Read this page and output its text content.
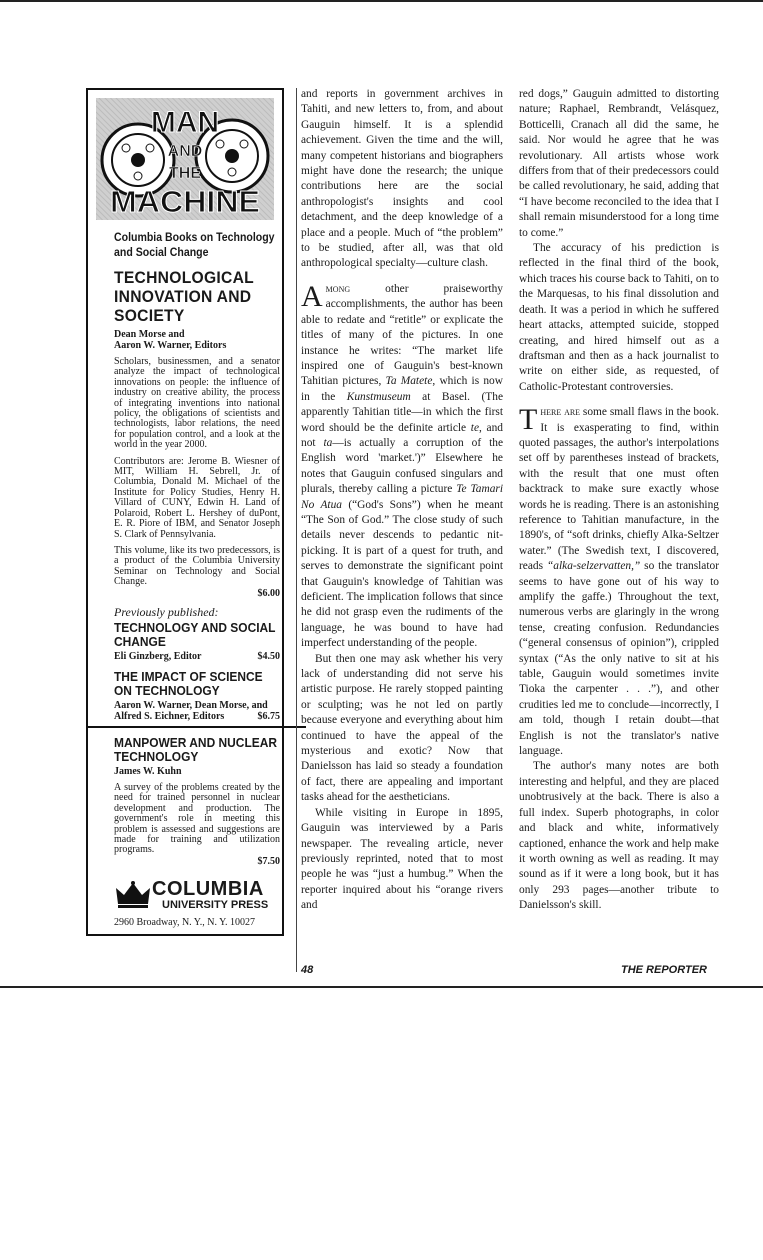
MAN
AND
THE
MACHINE
Columbia Books on Technology and Social Change
TECHNOLOGICAL INNOVATION AND SOCIETY
Dean Morse and
Aaron W. Warner, Editors

Scholars, businessmen, and a senator analyze the impact of technological innovations on people: the influence of industry on creative ability, the process of integrating inventions into national policy, the obligations of scientists and technologists, labor relations, the need for population control, and a look at the world in the year 2000.

Contributors are: Jerome B. Wiesner of MIT, William H. Sebrell, Jr. of Columbia, Donald M. Michael of the Institute for Policy Studies, Henry H. Villard of CUNY, Edwin H. Land of Polaroid, Robert L. Hershey of duPont, E. R. Piore of IBM, and Senator Joseph S. Clark of Pennsylvania.

This volume, like its two predecessors, is a product of the Columbia University Seminar on Technology and Social Change.

$6.00
Previously published:
TECHNOLOGY AND SOCIAL CHANGE
Eli Ginzberg, Editor	$4.50
THE IMPACT OF SCIENCE ON TECHNOLOGY
Aaron W. Warner, Dean Morse, and
Alfred S. Eichner, Editors	$6.75
MANPOWER AND NUCLEAR TECHNOLOGY
James W. Kuhn

A survey of the problems created by the need for trained personnel in nuclear development and production. The government's role in meeting this problem is assessed and suggestions are made for training and utilization programs.

$7.50
COLUMBIA
UNIVERSITY PRESS
2960 Broadway, N. Y., N. Y. 10027

and reports in government archives in Tahiti, and new letters to, from, and about Gauguin himself. It is a splendid achievement. Given the time and the will, many competent historians and biographers might have done the research; the unique contributions here are the social anthropologist's insights and cool detachment, and the deep knowledge of a place and a people. Much of “the problem” to be studied, after all, was that old anthropological specialty—culture clash.

Among other praiseworthy accomplishments, the author has been able to redate and “retitle” or explicate the titles of many of the pictures. In one instance he writes: “The market life inspired one of Gauguin's best-known Tahitian pictures, Ta Matete, which is now in the Kunstmuseum at Basel. (The apparently Tahitian title—in which the first word should be the definite article te, and not ta—is actually a corruption of the English word 'market.')” Elsewhere he notes that Gauguin confused singulars and plurals, thereby calling a picture Te Tamari No Atua (“God's Sons”) when he meant “The Son of God.” The close study of such details never descends to pedantic nit-picking. It is part of a quest for truth, and serves to demonstrate the significant point that Gauguin's knowledge of Tahitian was deficient. The implication follows that since he did not grasp even the rudiments of the language, he was bound to have had imperfect understanding of the people.

But then one may ask whether his very lack of understanding did not serve his artistic purpose. He rarely stopped painting or sculpting; was he not led on partly because everyone and everything about him continued to have the appeal of the mysterious and exotic? Now that Danielsson has laid so steady a foundation of fact, there are appealing and important tasks ahead for the aestheticians.

While visiting in Europe in 1895, Gauguin was interviewed by a Paris newspaper. The revealing article, never previously reprinted, noted that to most people he was “just a humbug.” When the reporter inquired about his “orange rivers and

red dogs,” Gauguin admitted to distorting nature; Raphael, Rembrandt, Velásquez, Botticelli, Cranach all did the same, he said. Nor would he agree that he was revolutionary. All artists whose work differs from that of their predecessors could be called revolutionary, he said, adding that “I have become reconciled to the idea that I shall remain misunderstood for a long time to come.”

The accuracy of his prediction is reflected in the final third of the book, which traces his course back to Tahiti, on to the Marquesas, to his final dissolution and death. It was a period in which he suffered heart attacks, attempted suicide, stopped creating, and hired himself out as a draftsman and then as a hack journalist to write on either side, as requested, of Catholic-Protestant controversies.

There are some small flaws in the book. It is exasperating to find, within quoted passages, the author's interpolations set off by parentheses instead of brackets, with the result that one must often backtrack to make sure exactly whose words he is reading. There is an astonishing reference to Tahitian manufacture, in the 1890's, of “soft drinks, chiefly Alka-Seltzer water.” (The Swedish text, I discovered, reads “alka-selzervatten,” so the translator seems to have gone out of his way to amplify the gaffe.) Throughout the text, numerous verbs are glaringly in the wrong tense, creating confusion. Redundancies (“general consensus of opinion”), crippled syntax (“As the only native to sit at his table, Gauguin would sometimes invite Tioka the carpenter . . .”), and other crudities led me to conclude—incorrectly, I am told, though I retain doubt—that English is not the translator's native language.

The author's many notes are both interesting and helpful, and they are placed unobtrusively at the back. There is also a full index. Superb photographs, in color and black and white, informatively captioned, enhance the work and help make it worth owning as well as reading. It may sound as if it were a long book, but it has only 293 pages—another tribute to Danielsson's skill.

48	THE REPORTER
